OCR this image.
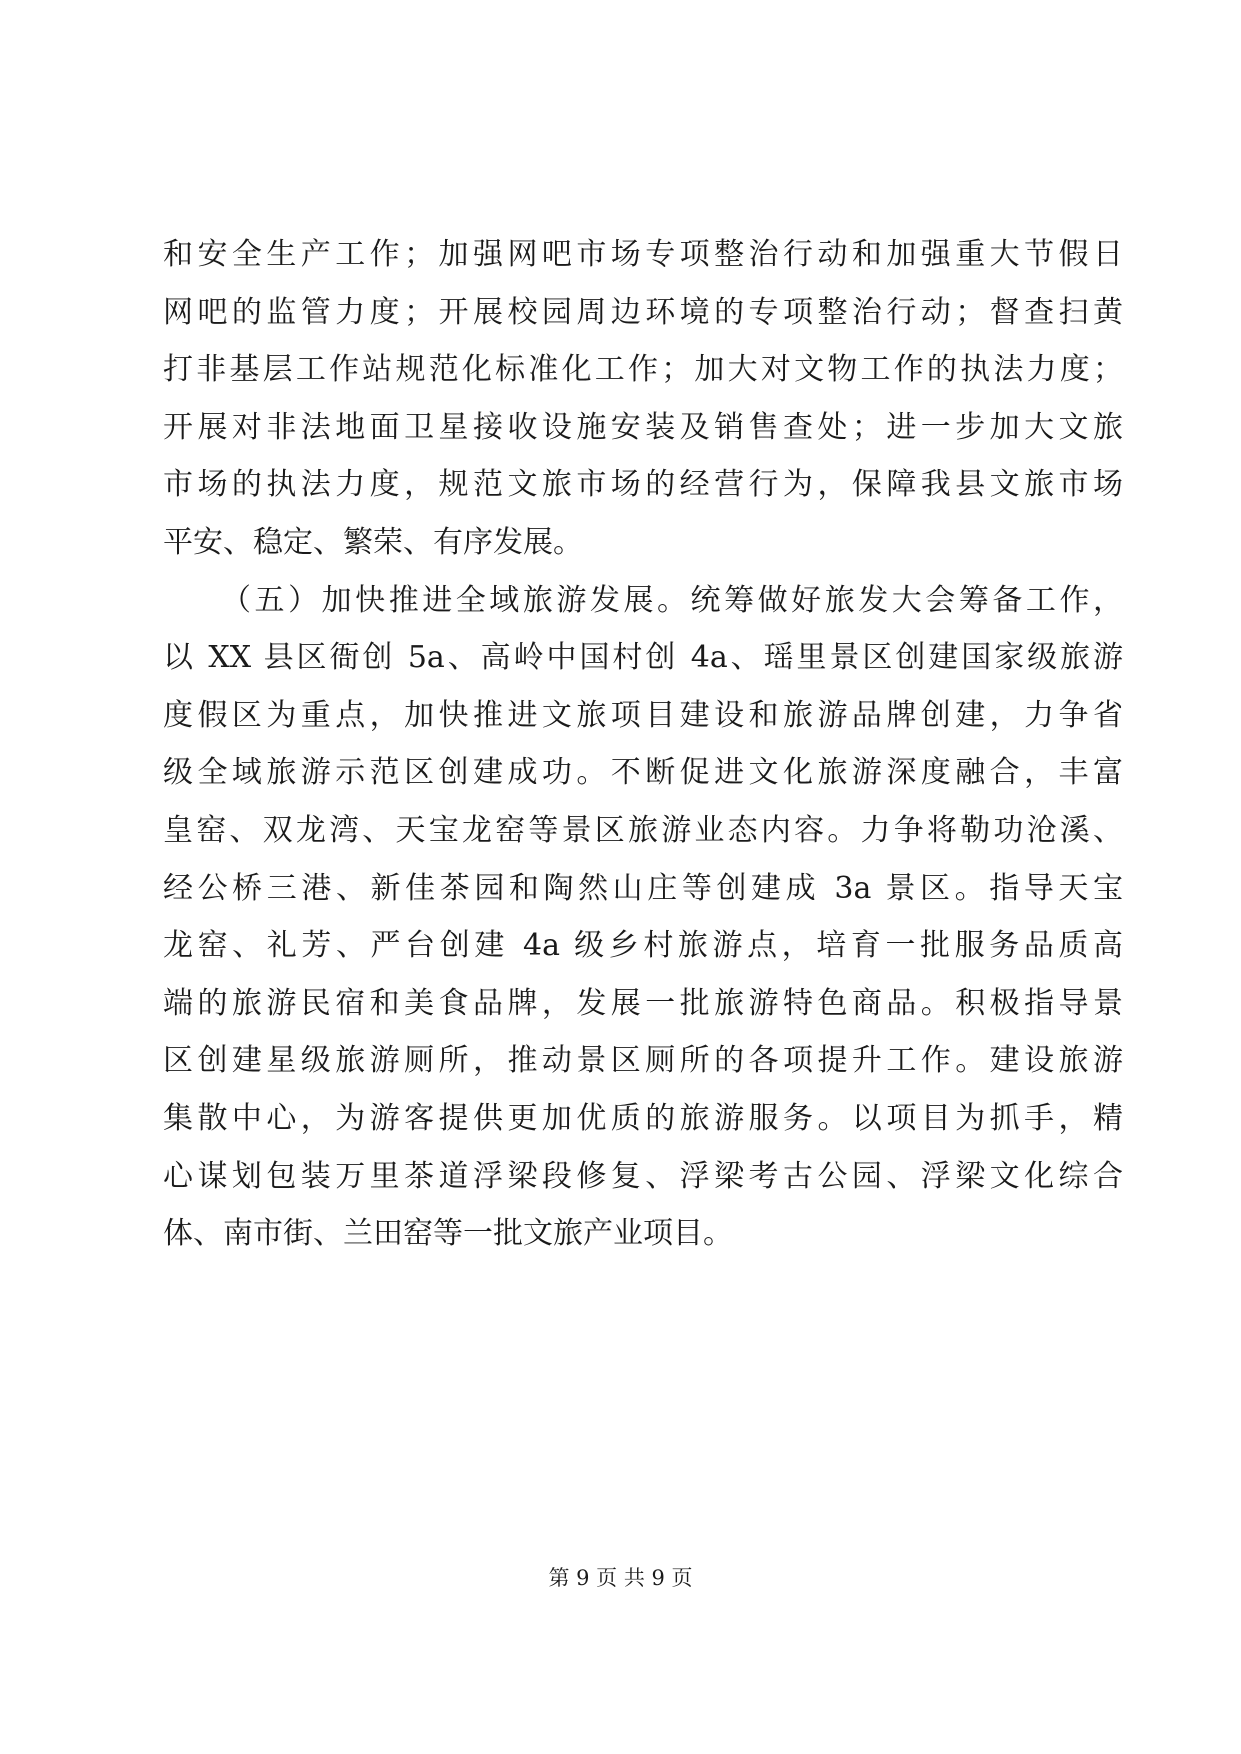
和安全生产工作；加强网吧市场专项整治行动和加强重大节假日
网吧的监管力度；开展校园周边环境的专项整治行动；督查扫黄
打非基层工作站规范化标准化工作；加大对文物工作的执法力度；
开展对非法地面卫星接收设施安装及销售查处；进一步加大文旅
市场的执法力度，规范文旅市场的经营行为，保障我县文旅市场
平安、稳定、繁荣、有序发展。
（五）加快推进全域旅游发展。统筹做好旅发大会筹备工作，
以 XX 县区衙创 5a、高岭中国村创 4a、瑶里景区创建国家级旅游
度假区为重点，加快推进文旅项目建设和旅游品牌创建，力争省
级全域旅游示范区创建成功。不断促进文化旅游深度融合，丰富
皇窑、双龙湾、天宝龙窑等景区旅游业态内容。力争将勒功沧溪、
经公桥三港、新佳茶园和陶然山庄等创建成 3a 景区。指导天宝
龙窑、礼芳、严台创建 4a 级乡村旅游点，培育一批服务品质高
端的旅游民宿和美食品牌，发展一批旅游特色商品。积极指导景
区创建星级旅游厕所，推动景区厕所的各项提升工作。建设旅游
集散中心，为游客提供更加优质的旅游服务。以项目为抓手，精
心谋划包装万里茶道浮梁段修复、浮梁考古公园、浮梁文化综合
体、南市街、兰田窑等一批文旅产业项目。
第 9 页 共 9 页
